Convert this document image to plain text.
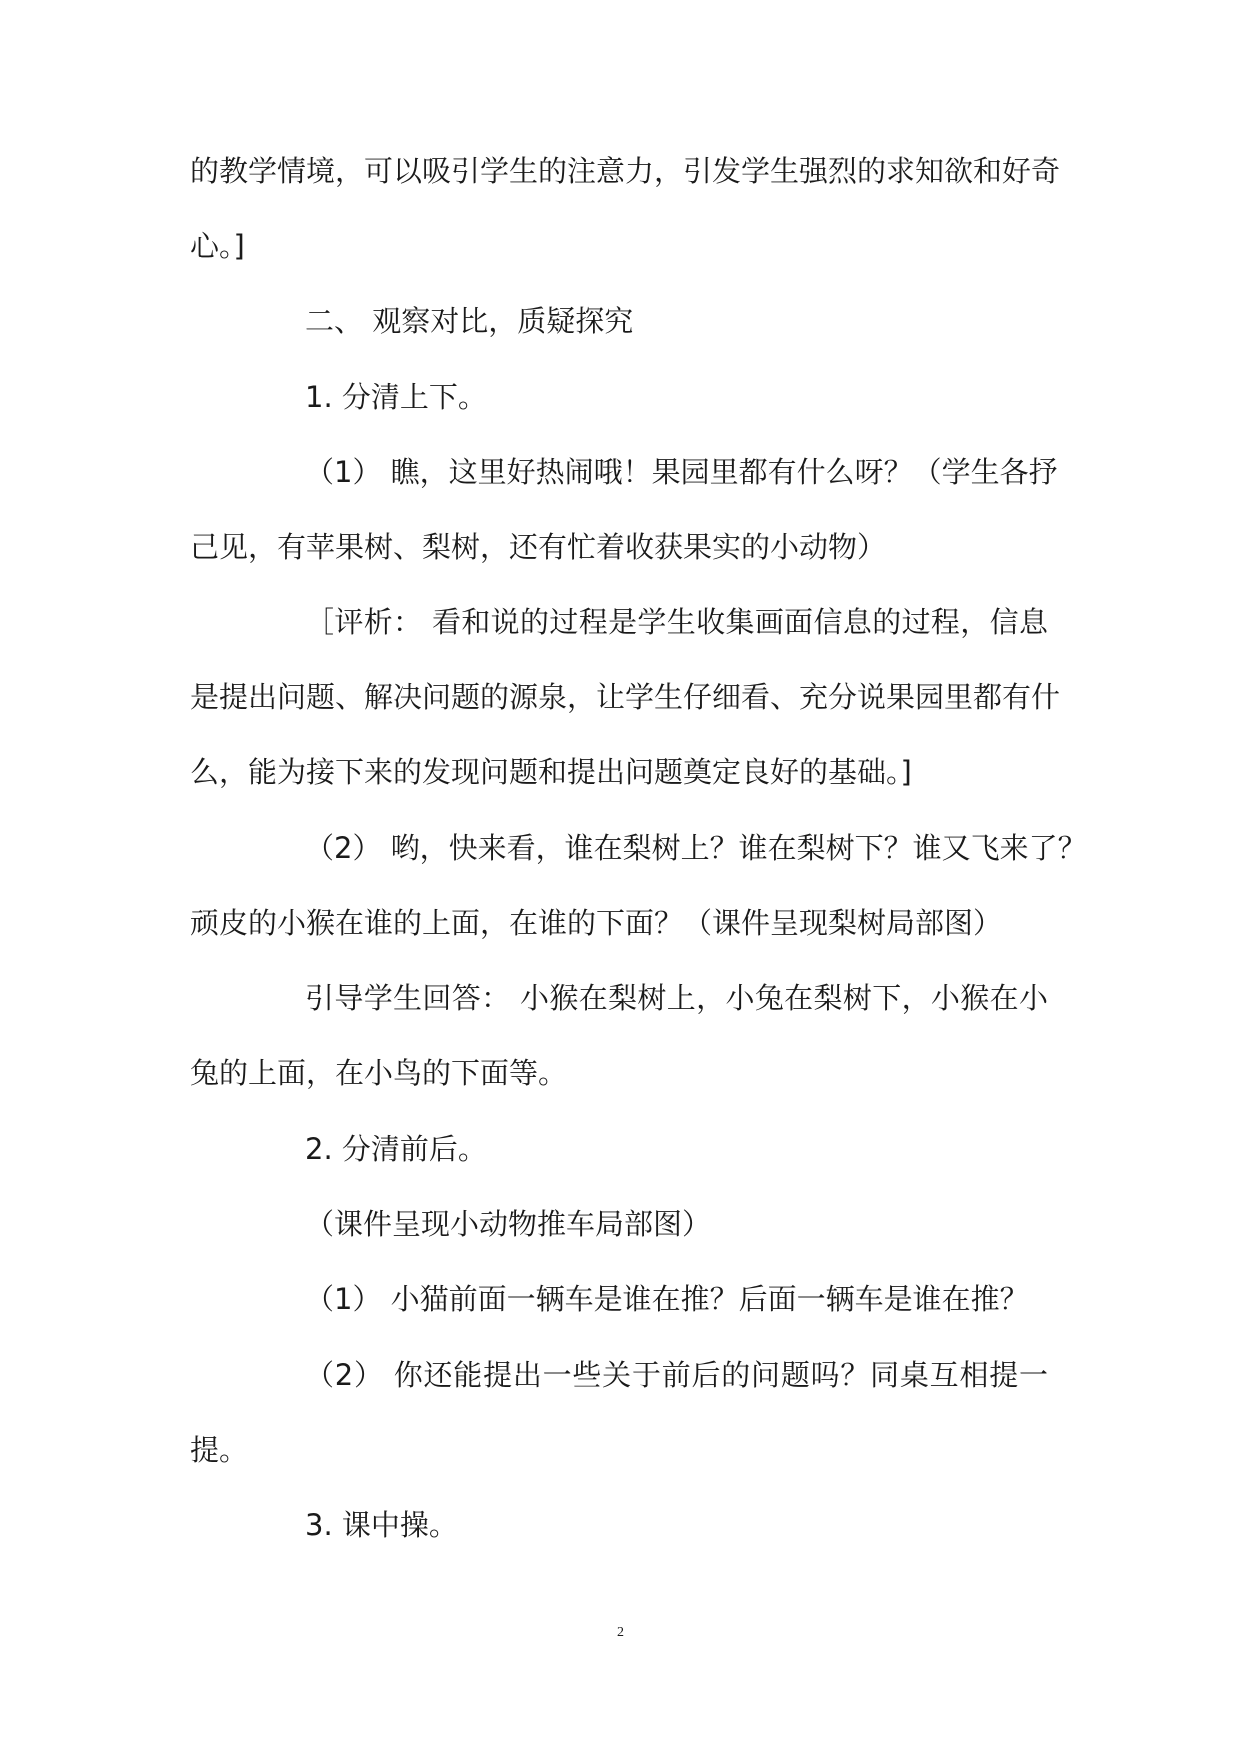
的教学情境，可以吸引学生的注意力，引发学生强烈的求知欲和好奇
心。]
二、 观察对比，质疑探究
1. 分清上下。
（1） 瞧，这里好热闹哦！果园里都有什么呀？（学生各抒
己见，有苹果树、梨树，还有忙着收获果实的小动物）
［评析： 看和说的过程是学生收集画面信息的过程，信息
是提出问题、解决问题的源泉，让学生仔细看、充分说果园里都有什
么，能为接下来的发现问题和提出问题奠定良好的基础。]
（2） 哟，快来看，谁在梨树上？谁在梨树下？谁又飞来了？
顽皮的小猴在谁的上面，在谁的下面？（课件呈现梨树局部图）
引导学生回答： 小猴在梨树上，小兔在梨树下，小猴在小
兔的上面，在小鸟的下面等。
2. 分清前后。
（课件呈现小动物推车局部图）
（1） 小猫前面一辆车是谁在推？后面一辆车是谁在推？
（2） 你还能提出一些关于前后的问题吗？同桌互相提一
提。
3. 课中操。
2
